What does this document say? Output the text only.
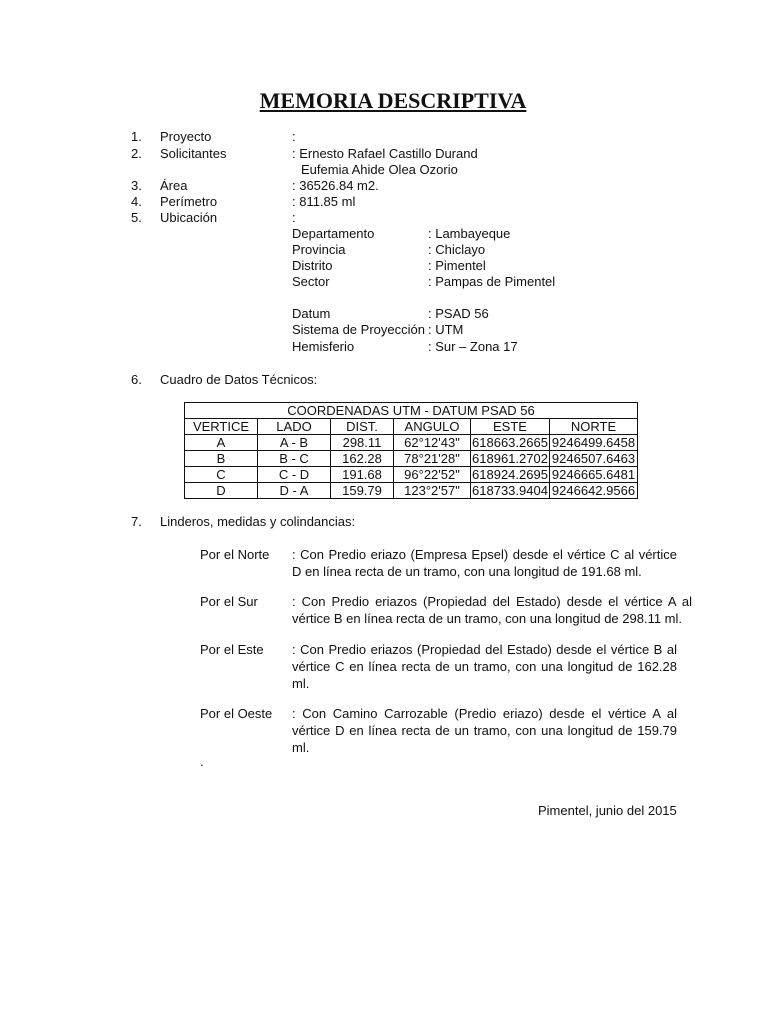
MEMORIA DESCRIPTIVA
1. Proyecto	:
2. Solicitantes	: Ernesto Rafael Castillo Durand
Eufemia Ahide Olea Ozorio
3. Área	: 36526.84 m2.
4. Perímetro	: 811.85 ml
5. Ubicación	:
Departamento	: Lambayeque
Provincia	: Chiclayo
Distrito	: Pimentel
Sector	: Pampas de Pimentel
Datum	: PSAD 56
Sistema de Proyección : UTM
Hemisferio	: Sur – Zona 17
6. Cuadro de Datos Técnicos:
COORDENADAS UTM - DATUM PSAD 56					
VERTICE	LADO	DIST.	ANGULO	ESTE	NORTE
A	A - B	298.11	62°12'43"	618663.2665	9246499.6458
B	B - C	162.28	78°21'28"	618961.2702	9246507.6463
C	C - D	191.68	96°22'52"	618924.2695	9246665.6481
D	D - A	159.79	123°2'57"	618733.9404	9246642.9566
7. Linderos, medidas y colindancias:
Por el Norte : Con Predio eriazo (Empresa Epsel) desde el vértice C al vértice D en línea recta de un tramo, con una longitud de 191.68 ml.
Por el Sur	: Con Predio eriazos (Propiedad del Estado) desde el vértice A al vértice B en línea recta de un tramo, con una longitud de 298.11 ml.
Por el Este : Con Predio eriazos (Propiedad del Estado) desde el vértice B al vértice C en línea recta de un tramo, con una longitud de 162.28 ml.
Por el Oeste : Con Camino Carrozable (Predio eriazo) desde el vértice A al vértice D en línea recta de un tramo, con una longitud de 159.79 ml.
.
Pimentel, junio del 2015
